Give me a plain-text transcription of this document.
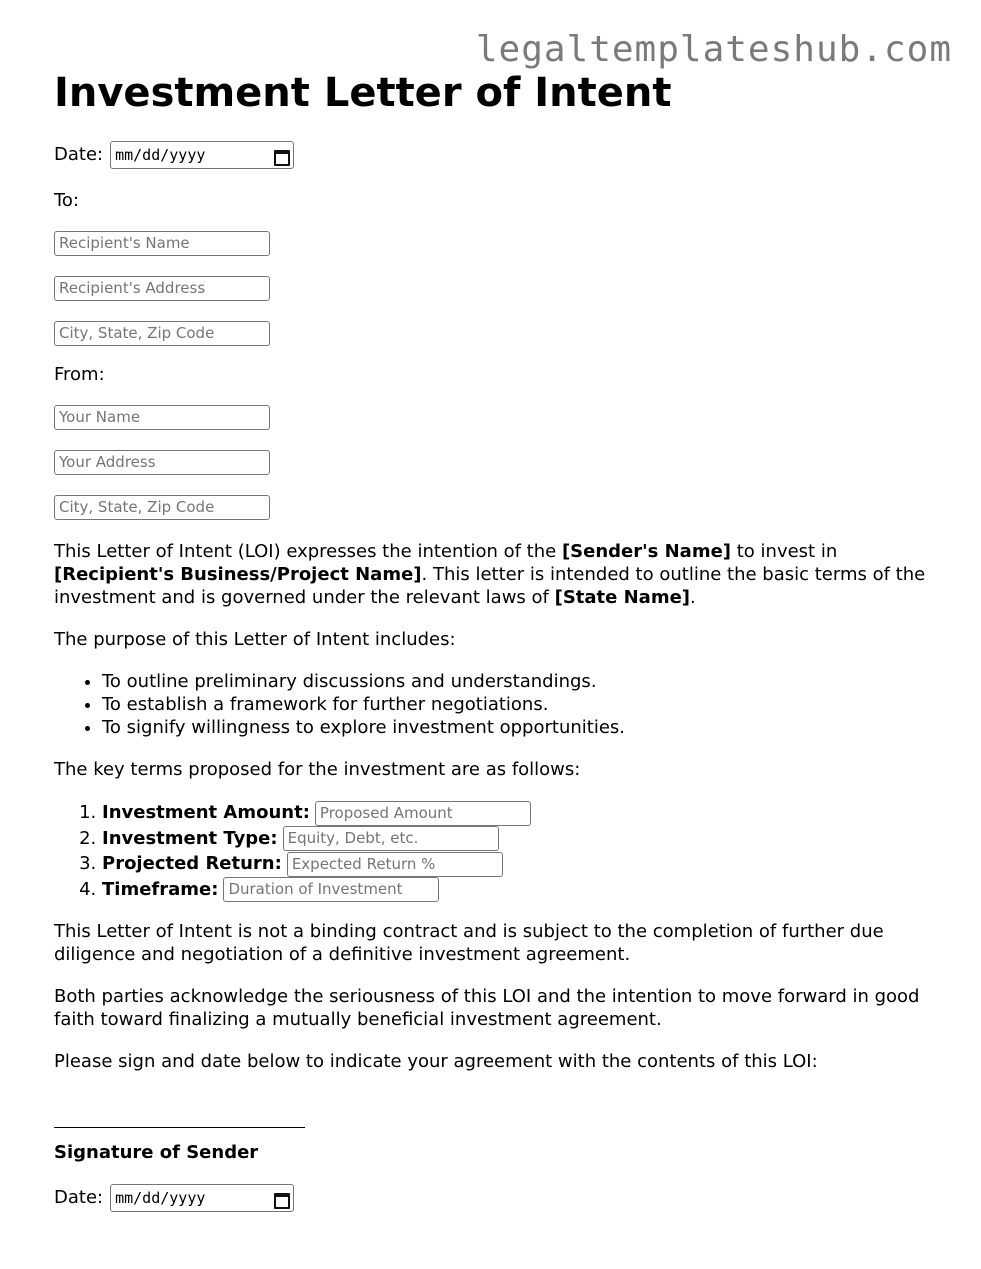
legaltemplateshub.com
Investment Letter of Intent
Date: mm/dd/yyyy
To:
Recipient's Name
Recipient's Address
City, State, Zip Code
From:
Your Name
Your Address
City, State, Zip Code

This Letter of Intent (LOI) expresses the intention of the [Sender's Name] to invest in [Recipient's Business/Project Name]. This letter is intended to outline the basic terms of the investment and is governed under the relevant laws of [State Name].

The purpose of this Letter of Intent includes:

• To outline preliminary discussions and understandings.
• To establish a framework for further negotiations.
• To signify willingness to explore investment opportunities.

The key terms proposed for the investment are as follows:

1. Investment Amount: Proposed Amount
2. Investment Type: Equity, Debt, etc.
3. Projected Return: Expected Return %
4. Timeframe: Duration of Investment

This Letter of Intent is not a binding contract and is subject to the completion of further due diligence and negotiation of a definitive investment agreement.

Both parties acknowledge the seriousness of this LOI and the intention to move forward in good faith toward finalizing a mutually beneficial investment agreement.

Please sign and date below to indicate your agreement with the contents of this LOI:

Signature of Sender
Date: mm/dd/yyyy
